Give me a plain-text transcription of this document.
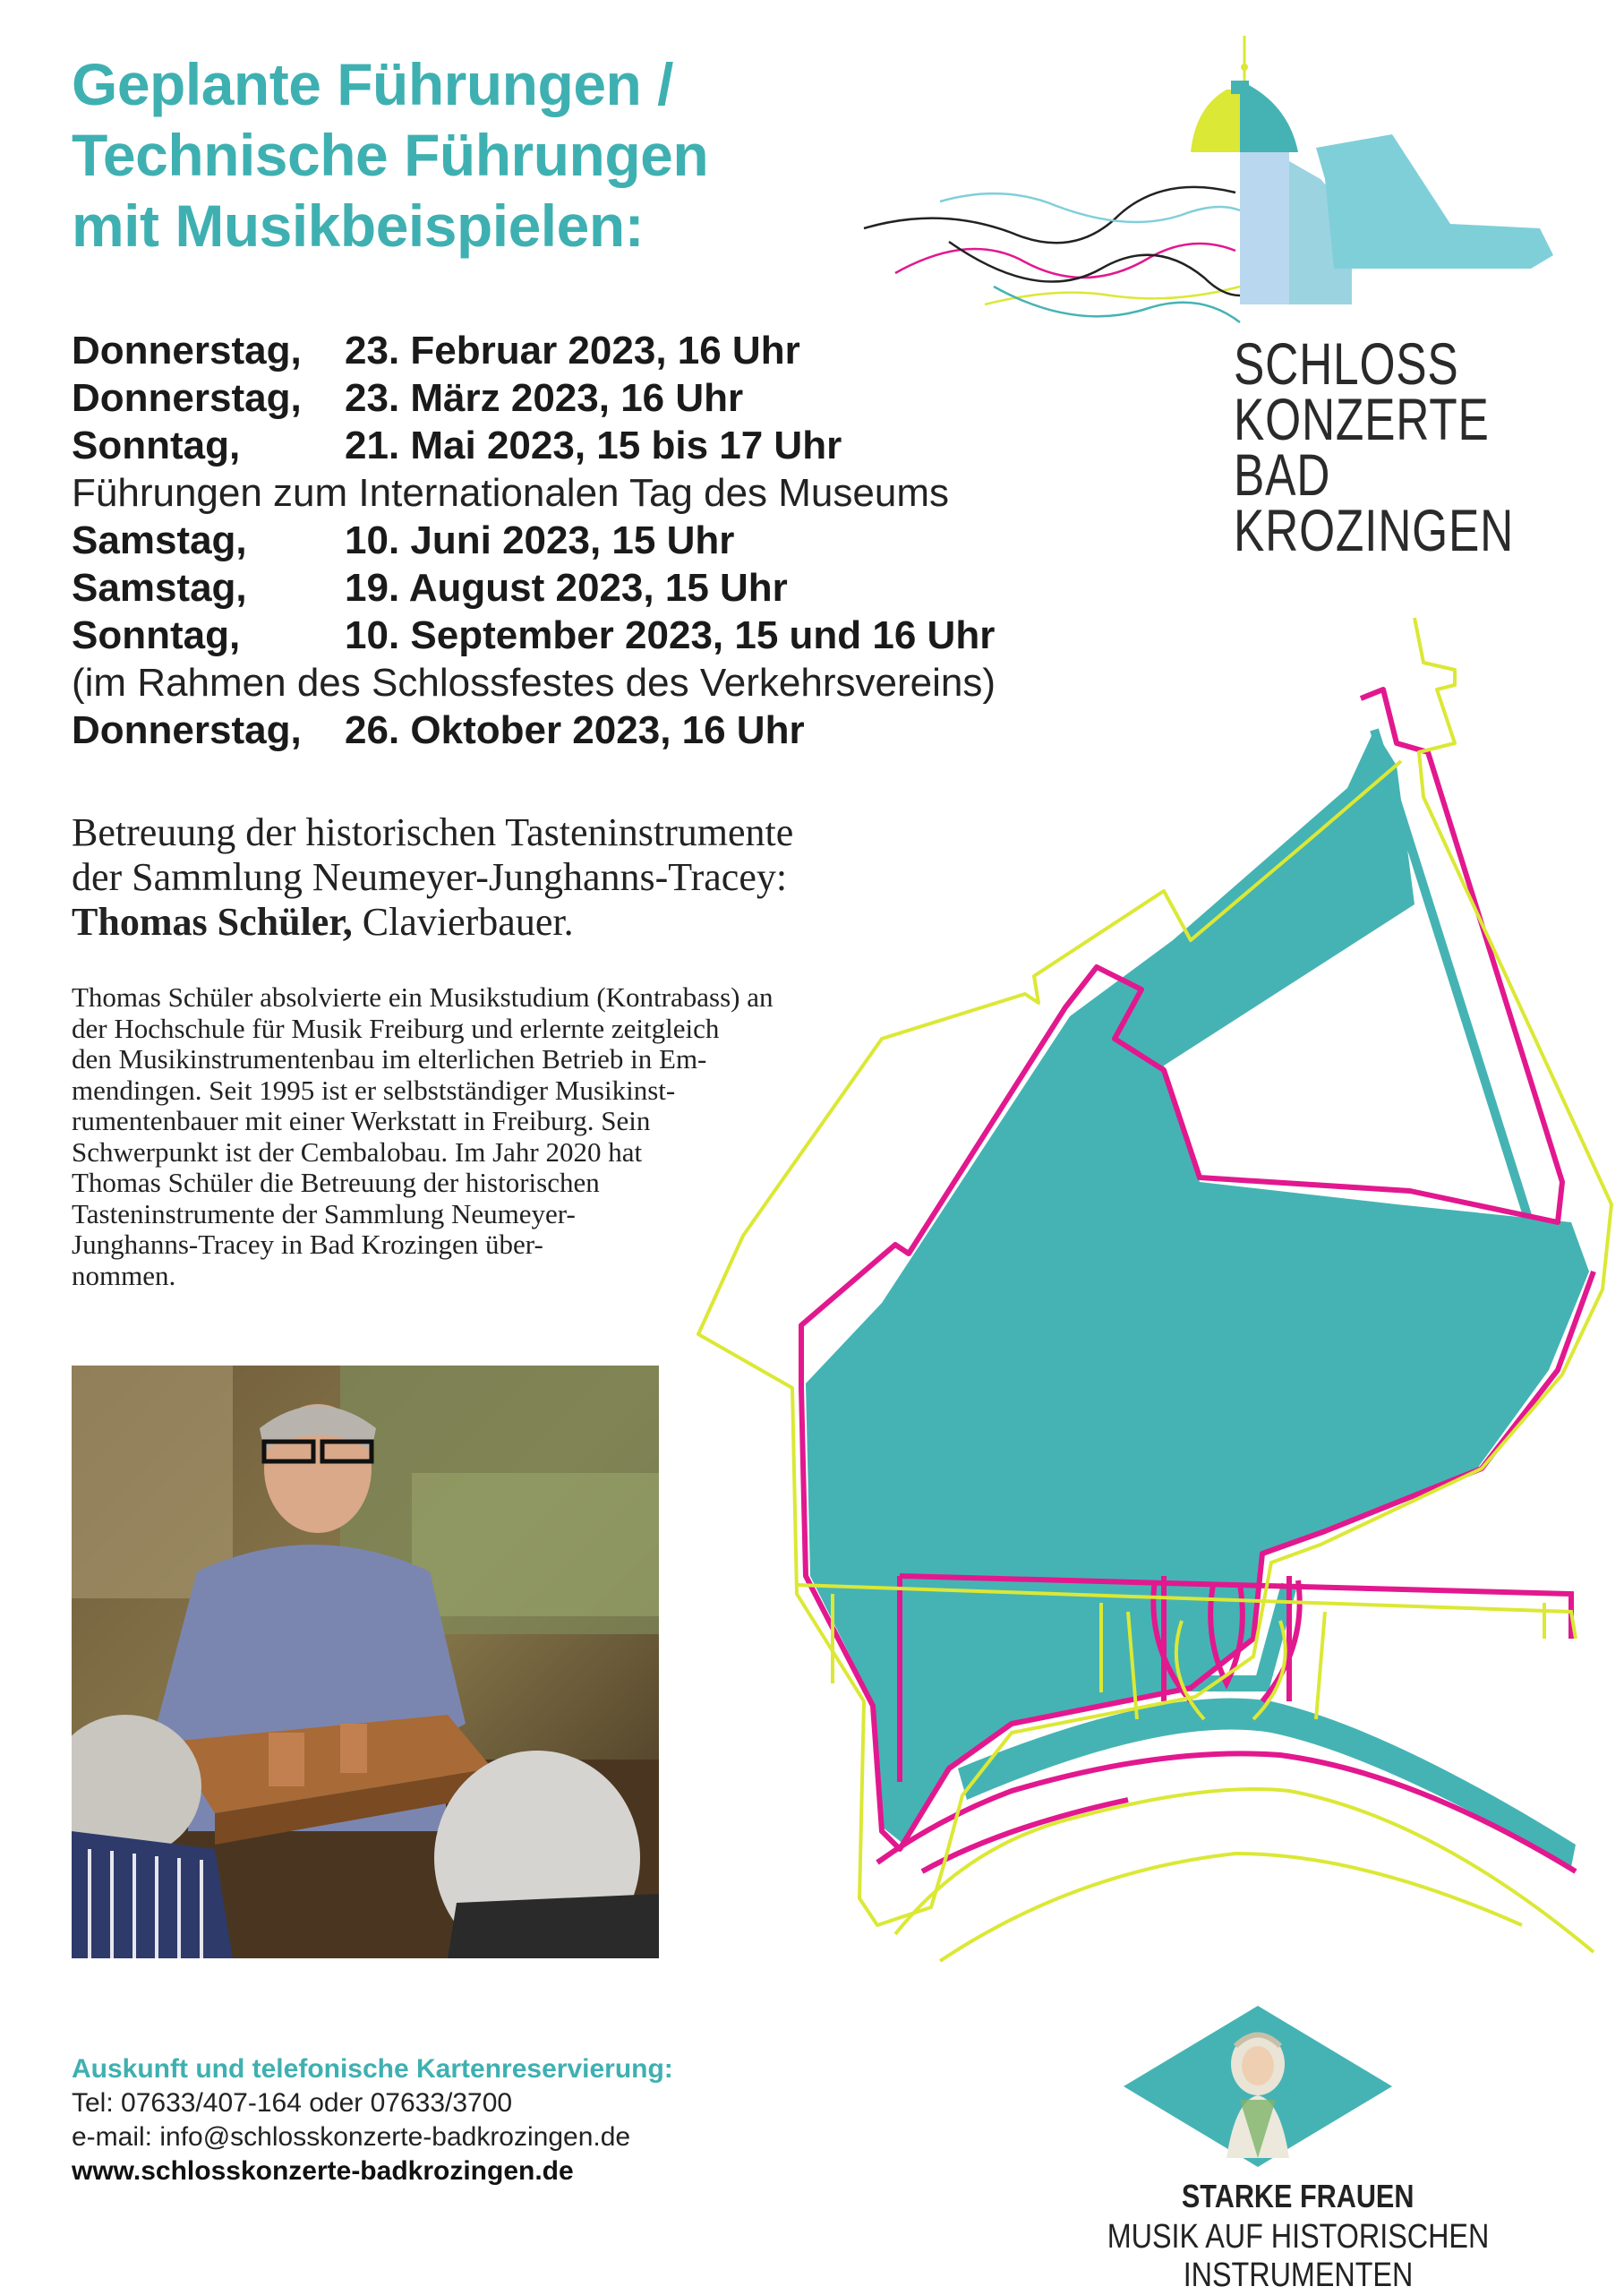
Geplante Führungen /
Technische Führungen
mit Musikbeispielen:
Donnerstag,	23. Februar 2023, 16 Uhr
Donnerstag,	23. März 2023, 16 Uhr
Sonntag,	21. Mai 2023, 15 bis 17 Uhr
Führungen zum Internationalen Tag des Museums
Samstag,	10. Juni 2023, 15 Uhr
Samstag,	19. August 2023, 15 Uhr
Sonntag,	10. September 2023, 15 und 16 Uhr
(im Rahmen des Schlossfestes des Verkehrsvereins)
Donnerstag,	26. Oktober 2023, 16 Uhr
Betreuung der historischen Tasteninstrumente
der Sammlung Neumeyer-Junghanns-Tracey:
Thomas Schüler, Clavierbauer.
Thomas Schüler absolvierte ein Musikstudium (Kontrabass) an
der Hochschule für Musik Freiburg und erlernte zeitgleich
den Musikinstrumentenbau im elterlichen Betrieb in Em-
mendingen. Seit 1995 ist er selbstständiger Musikinst-
rumentenbauer mit einer Werkstatt in Freiburg. Sein
Schwerpunkt ist der Cembalobau. Im Jahr 2020 hat
Thomas Schüler die Betreuung der historischen
Tasteninstrumente der Sammlung Neumeyer-
Junghanns-Tracey in Bad Krozingen über-
nommen.
SCHLOSS
KONZERTE
BAD
KROZINGEN
Auskunft und telefonische Kartenreservierung:
Tel: 07633/407-164 oder 07633/3700
e-mail: info@schlosskonzerte-badkrozingen.de
www.schlosskonzerte-badkrozingen.de
STARKE FRAUEN
MUSIK AUF HISTORISCHEN INSTRUMENTEN
